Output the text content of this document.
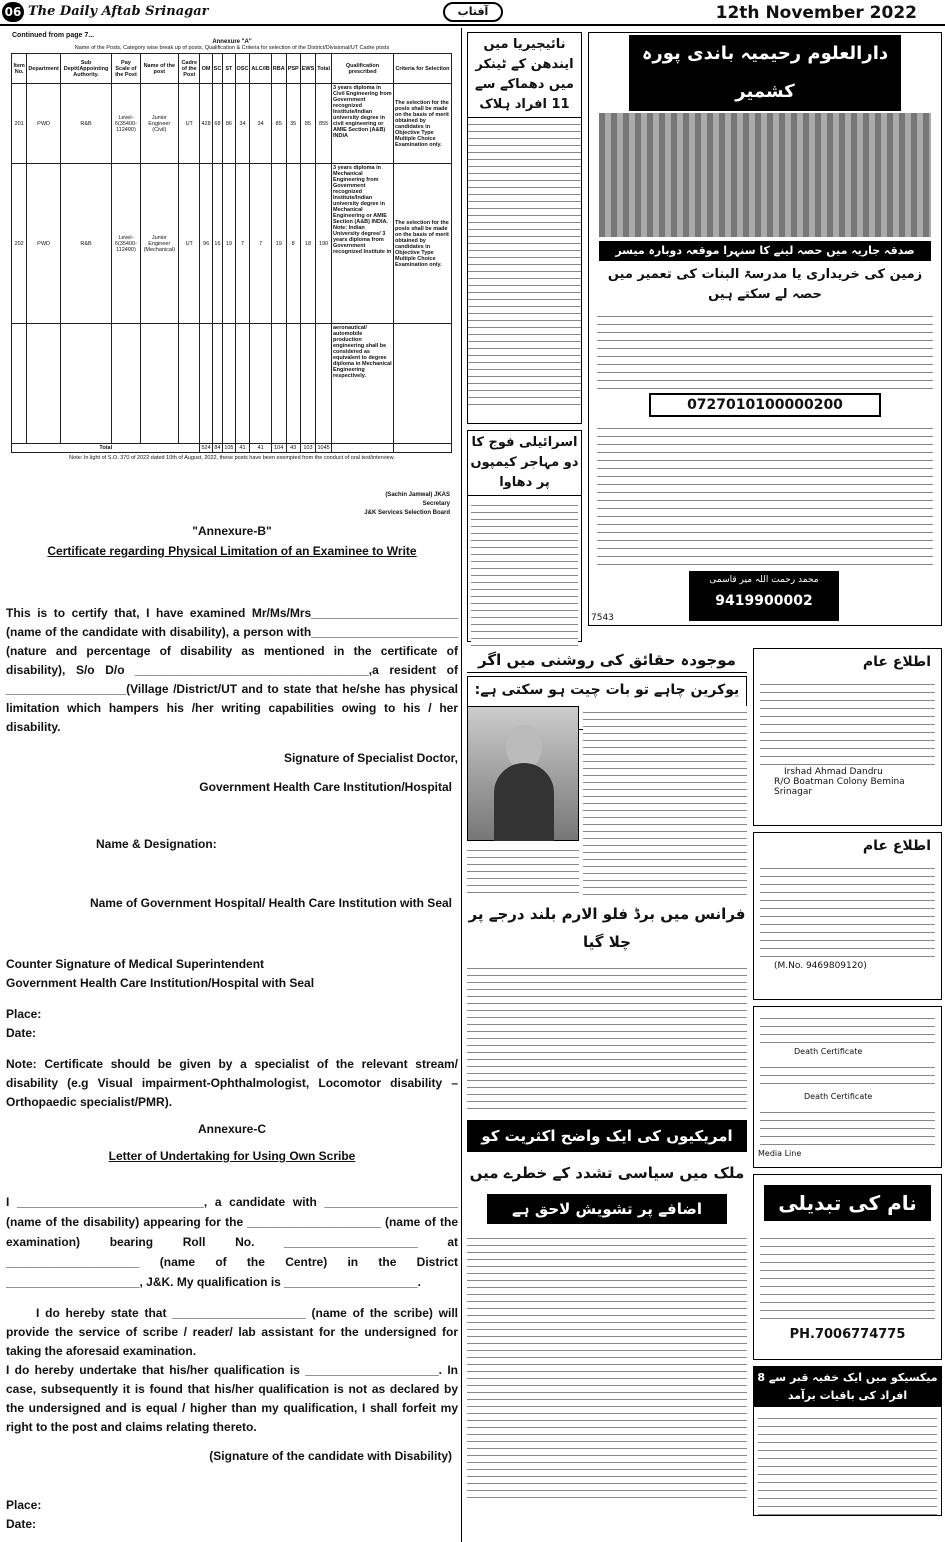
06 The Daily Aftab Srinagar	آفتاب	12th November 2022
Continued from page 7...
Annexure "A"
Name of the Posts, Category wise break up of posts, Qualification & Criteria for selection of the District/Divisional/UT Cadre posts
Item No.	Department	Sub Deptt/Appointing Authority.	Pay Scale of the Post	Name of the post	Cadre of the Post	OM	SC	ST	OSC	ALC/IB	RBA	PSP	EWS	Total	Qualification prescribed	Criteria for Selection
201	PWD	R&B	Level-6(35400-112400)	Junior Engineer (Civil)	UT	428	68	86	34	34	85	35	85	855	3 years diploma in Civil Engineering from Government recognized Institute/Indian university degree in civil engineering or AMIE Section (A&B) INDIA	The selection for the posts shall be made on the basis of merit obtained by candidates in Objective Type Multiple Choice Examination only.
202	PWD	R&B	Level-6(35400-112400)	Junior Engineer (Mechanical)	UT	96	16	19	7	7	19	8	18	190	3 years diploma in Mechanical Engineering from Government recognized Institute/Indian university degree in Mechanical Engineering or AMIE Section (A&B) INDIA. Note: Indian University degree/ 3 years diploma from Government recognized Institute in	The selection for the posts shall be made on the basis of merit obtained by candidates in Objective Type Multiple Choice Examination only.
															aeronautical/ automobile production engineering shall be considered as equivalent to degree diploma in Mechanical Engineering respectively.	
Total						524	84	105	41	41	104	43	103	1045		
Note: In light of S.O. 370 of 2022 dated 10th of August, 2022, these posts have been exempted from the conduct of oral test/interview.
(Sachin Jamwal) JKAS
Secretary
J&K Services Selection Board
"Annexure-B"
Certificate regarding Physical Limitation of an Examinee to Write
This is to certify that, I have examined Mr/Ms/Mrs______________________ (name of the candidate with disability), a person with______________________ (nature and percentage of disability as mentioned in the certificate of disability), S/o D/o ___________________________________,a resident of __________________(Village /District/UT and to state that he/she has physical limitation which hampers his /her writing capabilities owing to his / her disability.
Signature of Specialist Doctor,
Government Health Care Institution/Hospital
Name & Designation:
Name of Government Hospital/ Health Care Institution with Seal
Counter Signature of Medical Superintendent
Government Health Care Institution/Hospital with Seal
Place:
Date:
Note: Certificate should be given by a specialist of the relevant stream/ disability (e.g Visual impairment-Ophthalmologist, Locomotor disability –Orthopaedic specialist/PMR).
Annexure-C
Letter of Undertaking for Using Own Scribe
I ____________________________, a candidate with ____________________ (name of the disability) appearing for the ____________________ (name of the examination) bearing Roll No. ____________________ at ____________________ (name of the Centre) in the District ____________________, J&K. My qualification is ____________________.
I do hereby state that ____________________ (name of the scribe) will provide the service of scribe / reader/ lab assistant for the undersigned for taking the aforesaid examination.
I do hereby undertake that his/her qualification is ____________________. In case, subsequently it is found that his/her qualification is not as declared by the undersigned and is equal / higher than my qualification, I shall forfeit my right to the post and claims relating thereto.
(Signature of the candidate with Disability)
Place:
Date:
نائیجیریا میں ایندھن کے ٹینکر میں دھماکے سے 11 افراد ہلاک
اسرائیلی فوج کا دو مہاجر کیمپوں پر دھاوا
موجودہ حقائق کی روشنی میں اگر
یوکرین چاہے تو بات چیت ہو سکتی ہے:
فرانس میں برڈ فلو الارم بلند درجے پر چلا گیا
امریکیوں کی ایک واضح اکثریت کو
ملک میں سیاسی تشدد کے خطرے میں
اضافے پر تشویش لاحق ہے
دارالعلوم رحیمیہ باندی پورہ کشمیر
صدقہ جاریہ میں حصہ لینے کا سنہرا موقعہ دوبارہ میسر
زمین کی خریداری یا مدرسۃ البنات کی تعمیر میں حصہ لے سکتے ہیں
0727010100000200
محمد رحمت اللہ میر قاسمی
9419900002
7543
اطلاع عام
Irshad Ahmad Dandru
R/O Boatman Colony Bemina Srinagar
اطلاع عام
(M.No. 9469809120)
Death Certificate
Death Certificate
Media Line
نام کی تبدیلی
PH.7006774775
میکسیکو میں ایک خفیہ قبر سے 8 افراد کی باقیات برآمد
